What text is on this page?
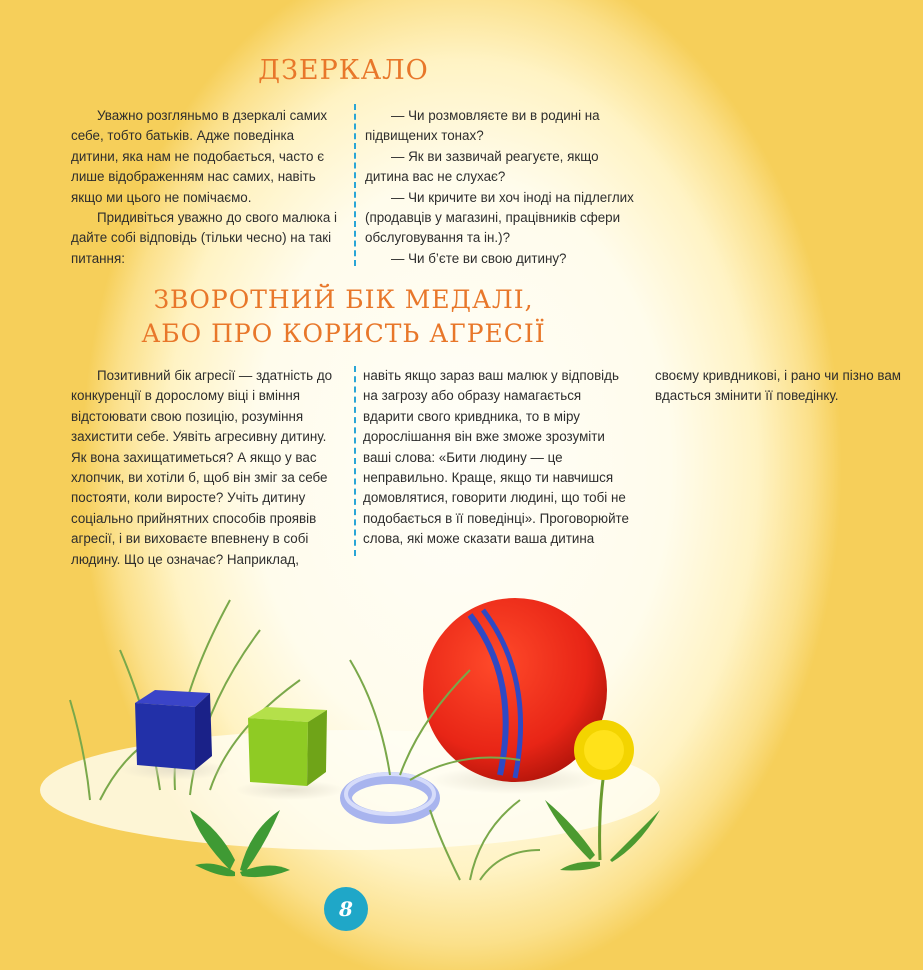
ДЗЕРКАЛО

Уважно розгляньмо в дзеркалі самих себе, тобто батьків. Адже поведінка дитини, яка нам не подобається, часто є лише відображенням нас самих, навіть якщо ми цього не помічаємо.

Придивіться уважно до свого малюка і дайте собі відповідь (тільки чесно) на такі питання:

— Чи розмовляєте ви в родині на підвищених тонах?

— Як ви зазвичай реагуєте, якщо дитина вас не слухає?

— Чи кричите ви хоч іноді на підлеглих (продавців у магазині, працівників сфери обслуговування та ін.)?

— Чи б’єте ви свою дитину?

ЗВОРОТНИЙ БІК МЕДАЛІ,
АБО ПРО КОРИСТЬ АГРЕСІЇ

Позитивний бік агресії — здатність до конкуренції в дорослому віці і вміння відстоювати свою позицію, розуміння захистити себе. Уявіть агресивну дитину. Як вона захищатиметься? А якщо у вас хлопчик, ви хотіли б, щоб він зміг за себе постояти, коли виросте? Учіть дитину соціально прийнятних способів проявів агресії, і ви виховаєте впевнену в собі людину. Що це означає? Наприклад, навіть якщо зараз ваш малюк у відповідь на загрозу або образу намагається вдарити свого кривдника, то в міру дорослішання він вже зможе зрозуміти ваші слова: «Бити людину — це неправильно. Краще, якщо ти навчишся домовлятися, говорити людині, що тобі не подобається в її поведінці». Проговорюйте слова, які може сказати ваша дитина своєму кривдникові, і рано чи пізно вам вдасться змінити її поведінку.

8
